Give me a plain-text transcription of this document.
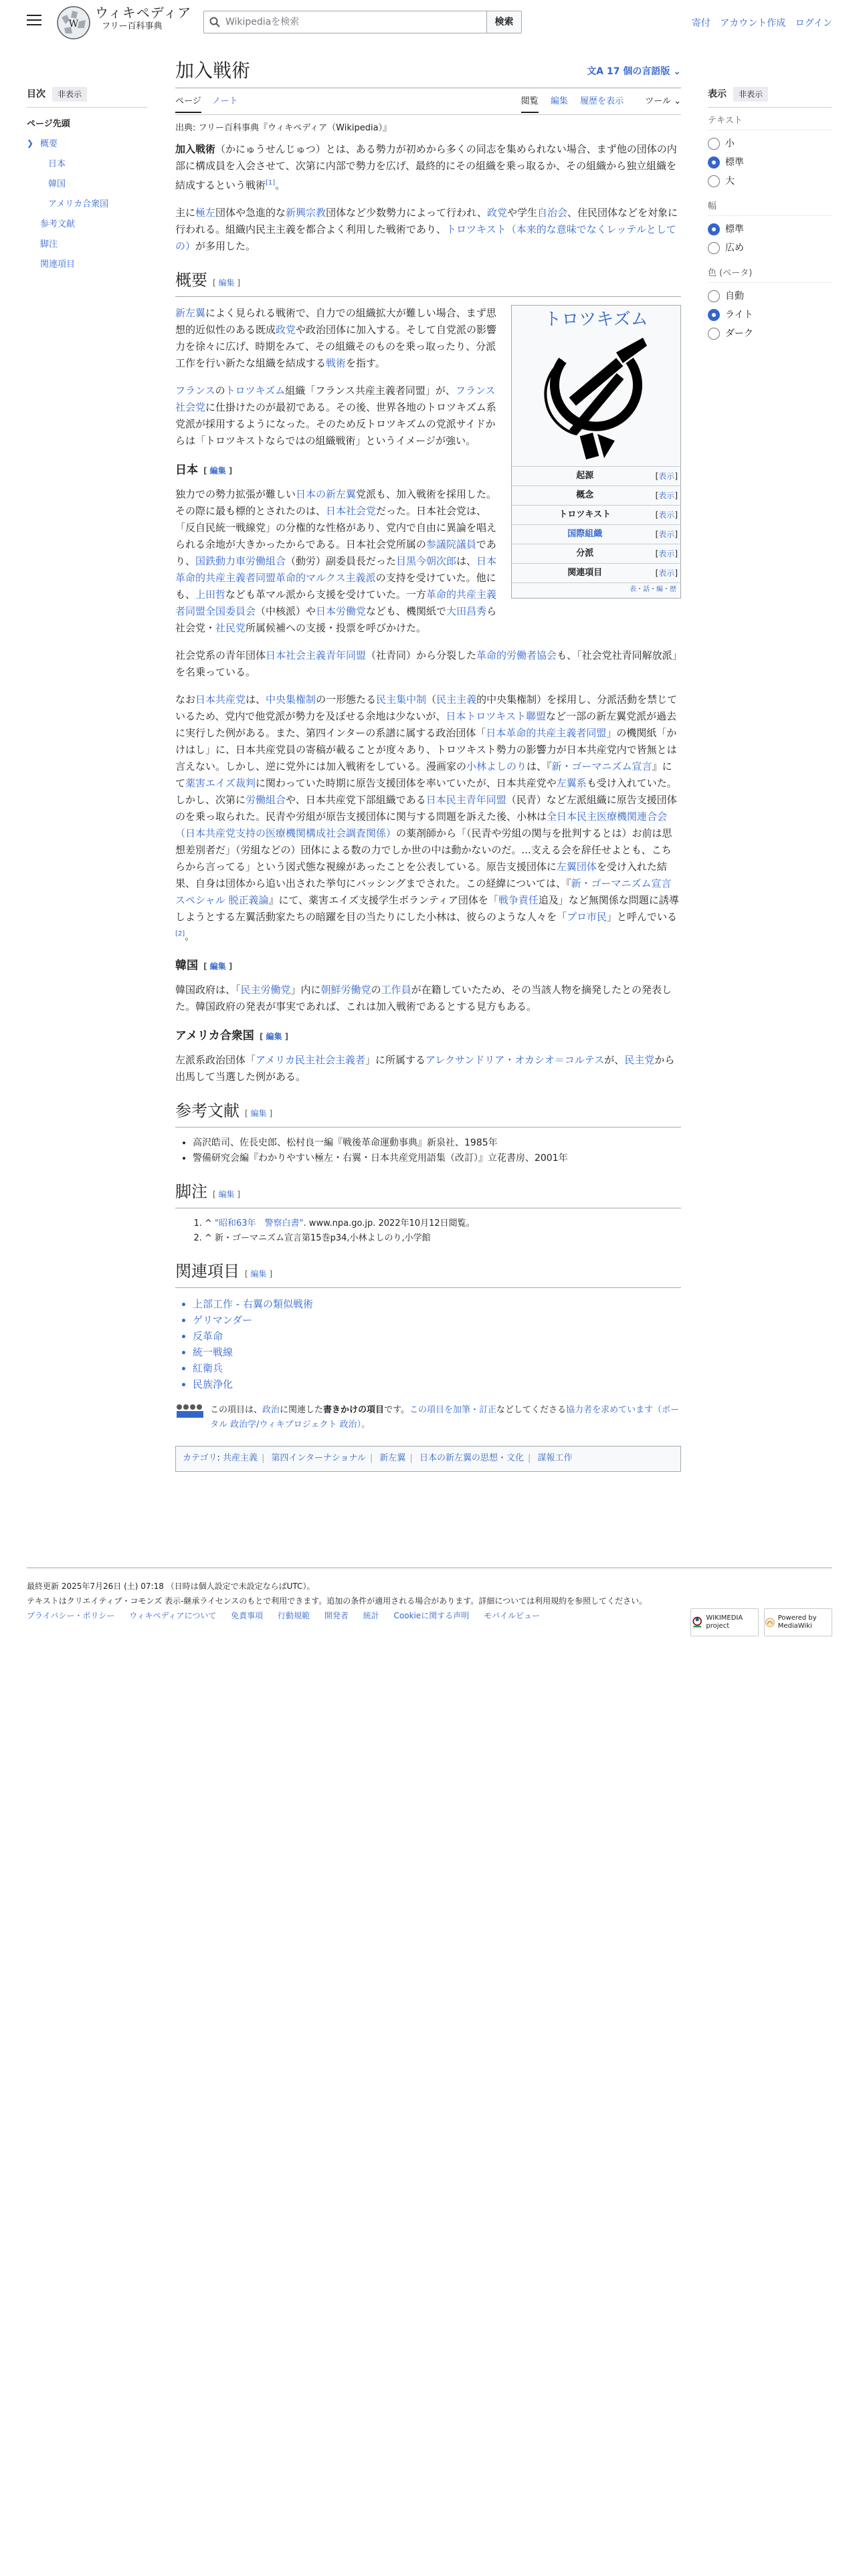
W
ウィキペディア
フリー百科事典	Wikipediaを検索	検索	寄付 アカウント作成 ログイン
目次	非表示
ページ先頭
❯ 概要
日本
韓国
アメリカ合衆国
参考文献
脚注
関連項目
加入戦術	文A 17 個の言語版 ⌄
ページ ノート	閲覧 編集 履歴を表示 ツール ⌄
出典: フリー百科事典『ウィキペディア（Wikipedia）』

加入戦術（かにゅうせんじゅつ）とは、ある勢力が初めから多くの同志を集められない場合、まず他の団体の内部に構成員を入会させて、次第に内部で勢力を広げ、最終的にその組織を乗っ取るか、その組織から独立組織を結成するという戦術[1]。

主に極左団体や急進的な新興宗教団体など少数勢力によって行われ、政党や学生自治会、住民団体などを対象に行われる。組織内民主主義を都合よく利用した戦術であり、トロツキスト（本来的な意味でなくレッテルとしての）が多用した。

概要 [ 編集 ]
トロツキズム
起源	[表示]
概念	[表示]
トロツキスト	[表示]
国際組織	[表示]
分派	[表示]
関連項目	[表示]
表・話・編・歴

新左翼によく見られる戦術で、自力での組織拡大が難しい場合、まず思想的近似性のある既成政党や政治団体に加入する。そして自党派の影響力を徐々に広げ、時期をみて、その組織そのものを乗っ取ったり、分派工作を行い新たな組織を結成する戦術を指す。

フランスのトロツキズム組織「フランス共産主義者同盟」が、フランス社会党に仕掛けたのが最初である。その後、世界各地のトロツキズム系党派が採用するようになった。そのため反トロツキズムの党派サイドからは「トロツキストならではの組織戦術」というイメージが強い。

日本 [ 編集 ]

独力での勢力拡張が難しい日本の新左翼党派も、加入戦術を採用した。その際に最も標的とされたのは、日本社会党だった。日本社会党は、「反自民統一戦線党」の分権的な性格があり、党内で自由に異論を唱えられる余地が大きかったからである。日本社会党所属の参議院議員であり、国鉄動力車労働組合（動労）副委員長だった目黒今朝次郎は、日本革命的共産主義者同盟革命的マルクス主義派の支持を受けていた。他にも、上田哲なども革マル派から支援を受けていた。一方革命的共産主義者同盟全国委員会（中核派）や日本労働党なども、機関紙で大田昌秀ら社会党・社民党所属候補への支援・投票を呼びかけた。

社会党系の青年団体日本社会主義青年同盟（社青同）から分裂した革命的労働者協会も、「社会党社青同解放派」を名乗っている。

なお日本共産党は、中央集権制の一形態たる民主集中制（民主主義的中央集権制）を採用し、分派活動を禁じているため、党内で他党派が勢力を及ぼせる余地は少ないが、日本トロツキスト聯盟など一部の新左翼党派が過去に実行した例がある。また、第四インターの系譜に属する政治団体「日本革命的共産主義者同盟」の機関紙「かけはし」に、日本共産党員の寄稿が載ることが度々あり、トロツキスト勢力の影響力が日本共産党内で皆無とは言えない。しかし、逆に党外には加入戦術をしている。漫画家の小林よしのりは、『新・ゴーマニズム宣言』にて薬害エイズ裁判に関わっていた時期に原告支援団体を率いていたが、日本共産党や左翼系も受け入れていた。しかし、次第に労働組合や、日本共産党下部組織である日本民主青年同盟（民青）など左派組織に原告支援団体のを乗っ取られた。民青や労組が原告支援団体に関与する問題を訴えた後、小林は全日本民主医療機関連合会（日本共産党支持の医療機関構成社会調査関係）の薬剤師から「（民青や労組の関与を批判するとは）お前は思想差別者だ」（労組などの）団体による数の力でしか世の中は動かないのだ。...支える会を辞任せよとも、こちらから言ってる」という図式態な視線があったことを公表している。原告支援団体に左翼団体を受け入れた結果、自身は団体から追い出された挙句にバッシングまでされた。この経緯については、『新・ゴーマニズム宣言スペシャル 脱正義論』にて、薬害エイズ支援学生ボランティア団体を「戦争責任追及」など無関係な問題に誘導しようとする左翼活動家たちの暗躍を目の当たりにした小林は、彼らのような人々を「プロ市民」と呼んでいる[2]。

韓国 [ 編集 ]

韓国政府は、「民主労働党」内に朝鮮労働党の工作員が在籍していたため、その当該人物を摘発したとの発表した。韓国政府の発表が事実であれば、これは加入戦術であるとする見方もある。

アメリカ合衆国 [ 編集 ]

左派系政治団体「アメリカ民主社会主義者」に所属するアレクサンドリア・オカシオ＝コルテスが、民主党から出馬して当選した例がある。

参考文献 [ 編集 ]
• 高沢皓司、佐長史郎、松村良一編『戦後革命運動事典』新泉社、1985年
• 警備研究会編『わかりやすい極左・右翼・日本共産党用語集（改訂）』立花書房、2001年
脚注 [ 編集 ]
1. ^ "昭和63年　警察白書". www.npa.go.jp. 2022年10月12日閲覧。
2. ^ 新・ゴーマニズム宣言第15巻p34,小林よしのり,小学館
関連項目 [ 編集 ]
• 上部工作 - 右翼の類似戦術
• ゲリマンダー
• 反革命
• 統一戦線
• 紅衛兵
• 民族浄化
この項目は、政治に関連した書きかけの項目です。この項目を加筆・訂正などしてくださる協力者を求めています（ポータル 政治学/ウィキプロジェクト 政治）。
カテゴリ: 共産主義 | 第四インターナショナル | 新左翼 | 日本の新左翼の思想・文化 | 謀報工作
表示	非表示
テキスト
小
標準
大
幅
標準
広め
色 (ベータ)
自動
ライト
ダーク
最終更新 2025年7月26日 (土) 07:18 （日時は個人設定で未設定ならばUTC）。
テキストはクリエイティブ・コモンズ 表示-継承ライセンスのもとで利用できます。追加の条件が適用される場合があります。詳細については利用規約を参照してください。
プライバシー・ポリシー ウィキペディアについて 免責事項 行動規範 開発者 統計 Cookieに関する声明 モバイルビュー	WIKIMEDIA project
Powered by MediaWiki
